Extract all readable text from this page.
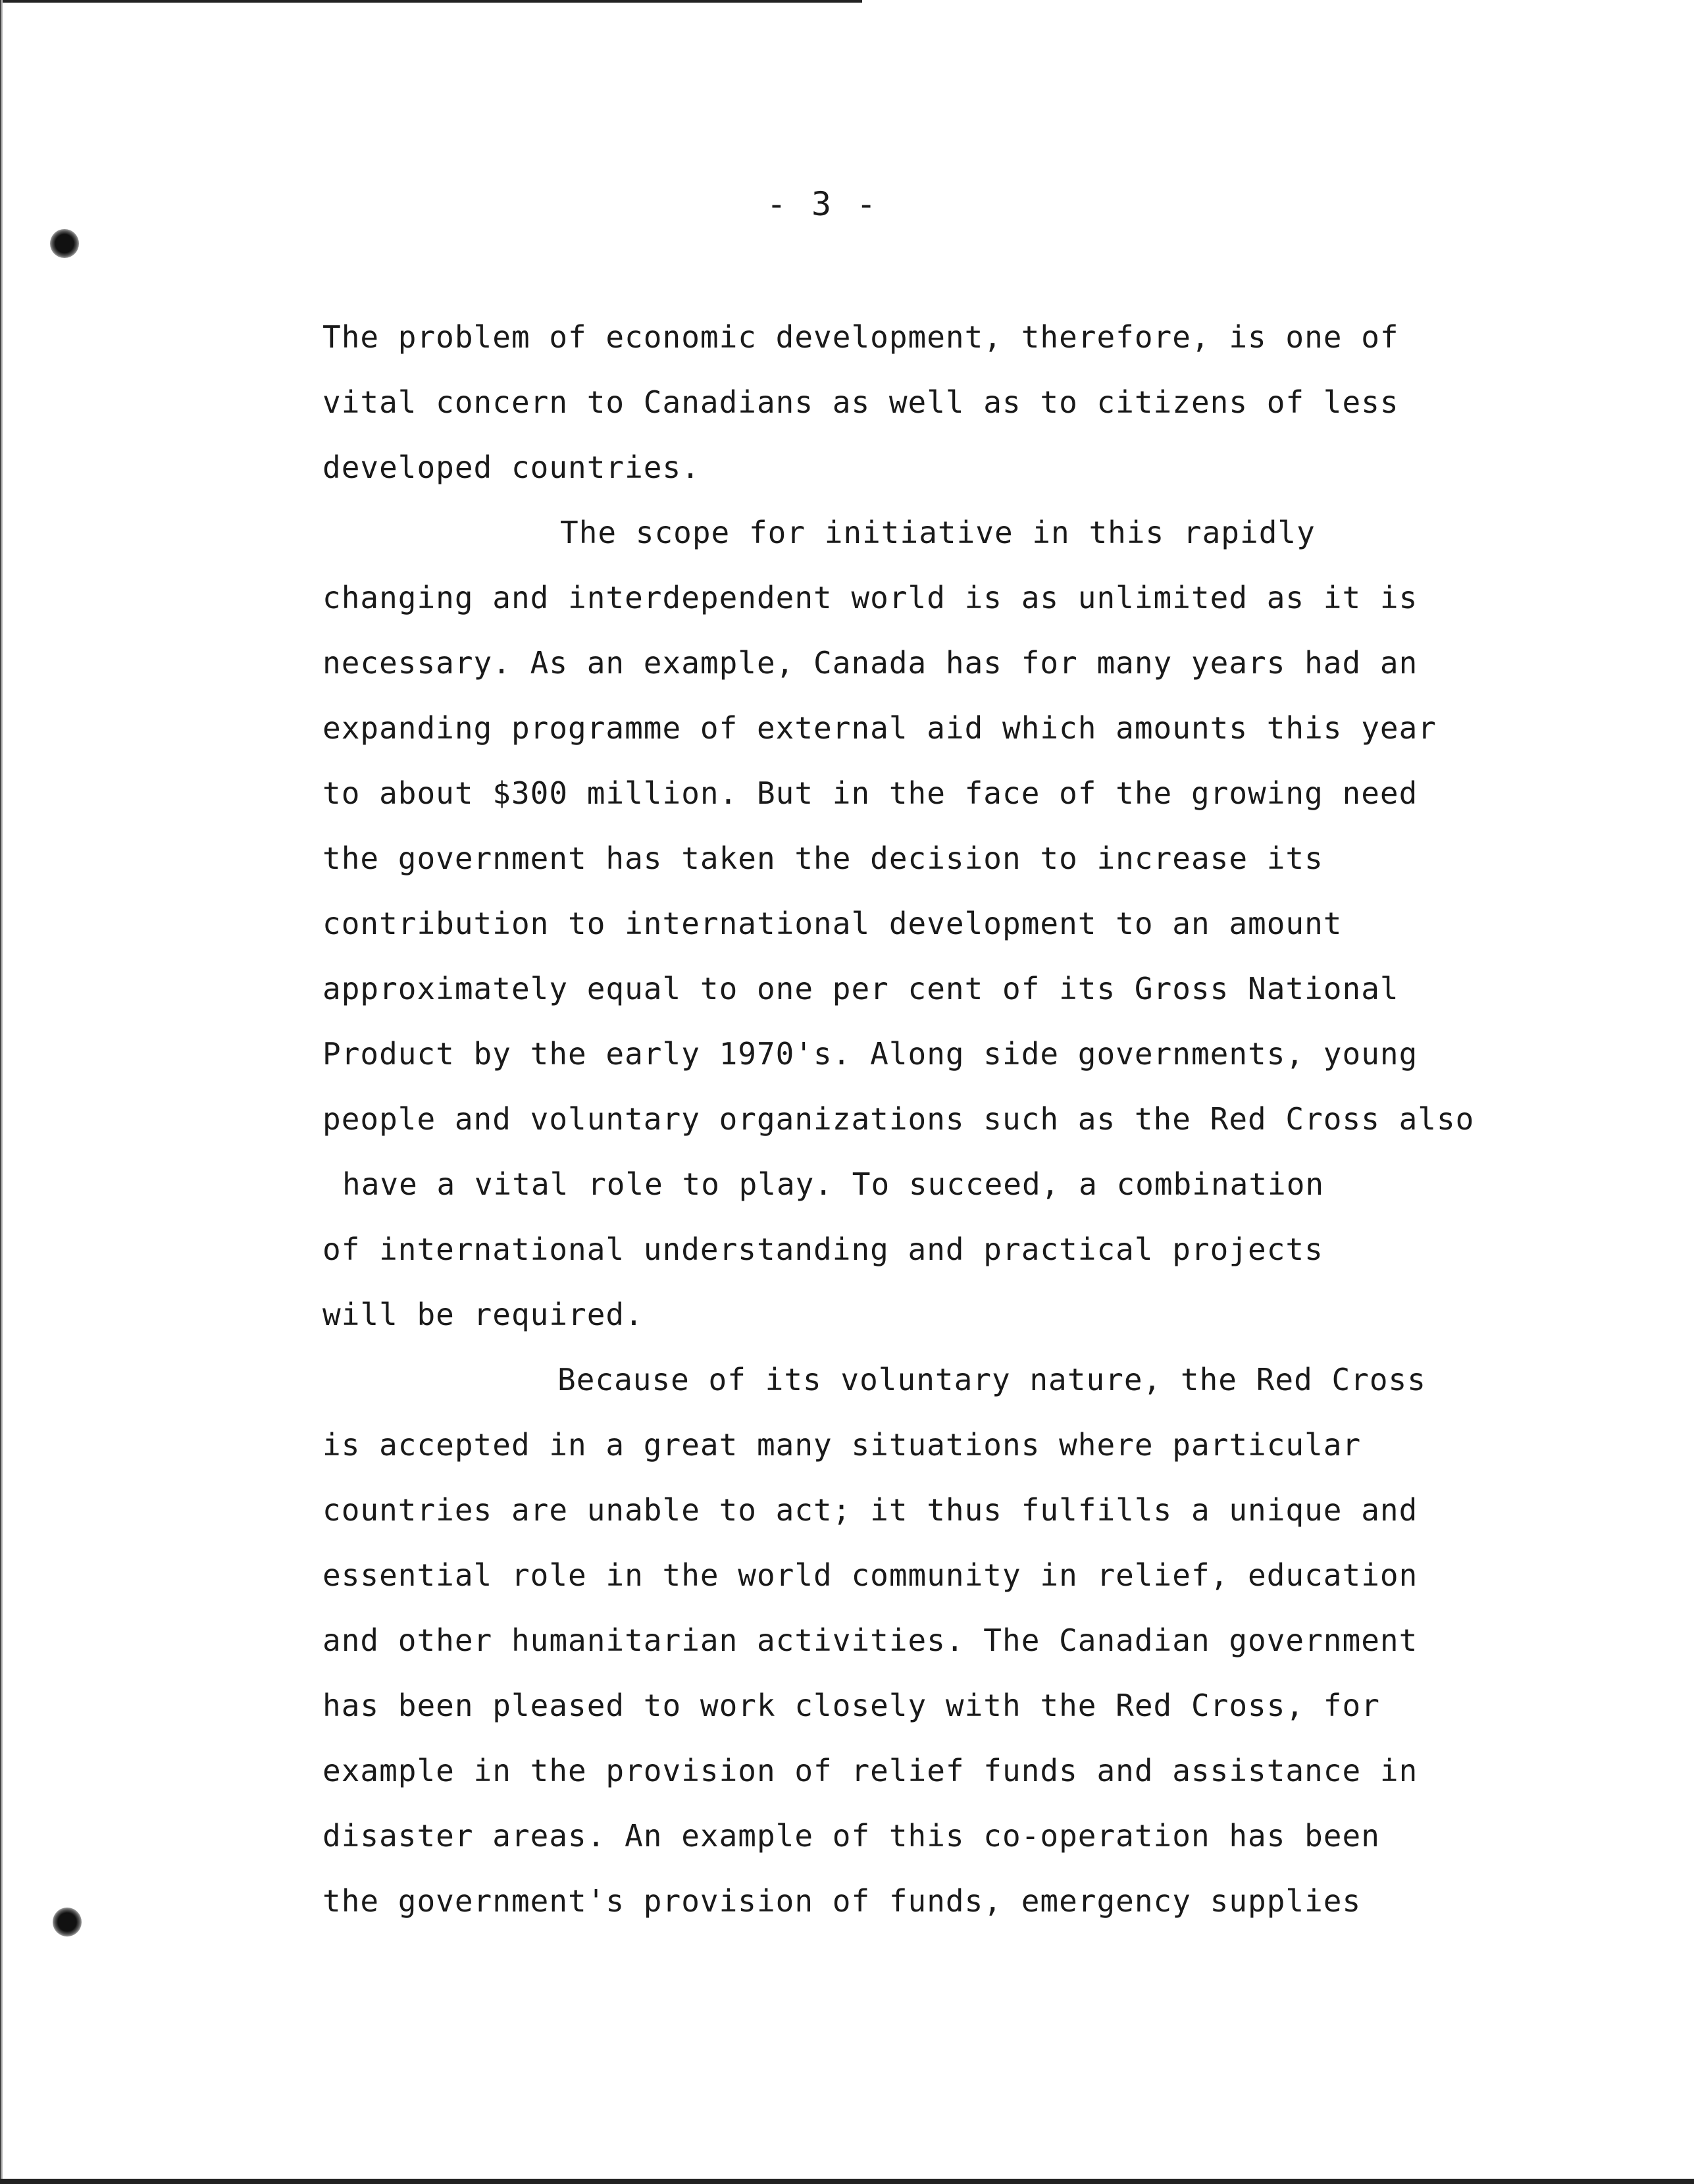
- 3 -
The problem of economic development, therefore, is one of
vital concern to Canadians as well as to citizens of less
developed countries.
The scope for initiative in this rapidly
changing and interdependent world is as unlimited as it is
necessary. As an example, Canada has for many years had an
expanding programme of external aid which amounts this year
to about $300 million. But in the face of the growing need
the government has taken the decision to increase its
contribution to international development to an amount
approximately equal to one per cent of its Gross National
Product by the early 1970's. Along side governments, young
people and voluntary organizations such as the Red Cross also
have a vital role to play. To succeed, a combination
of international understanding and practical projects
will be required.
Because of its voluntary nature, the Red Cross
is accepted in a great many situations where particular
countries are unable to act; it thus fulfills a unique and
essential role in the world community in relief, education
and other humanitarian activities. The Canadian government
has been pleased to work closely with the Red Cross, for
example in the provision of relief funds and assistance in
disaster areas. An example of this co-operation has been
the government's provision of funds, emergency supplies
